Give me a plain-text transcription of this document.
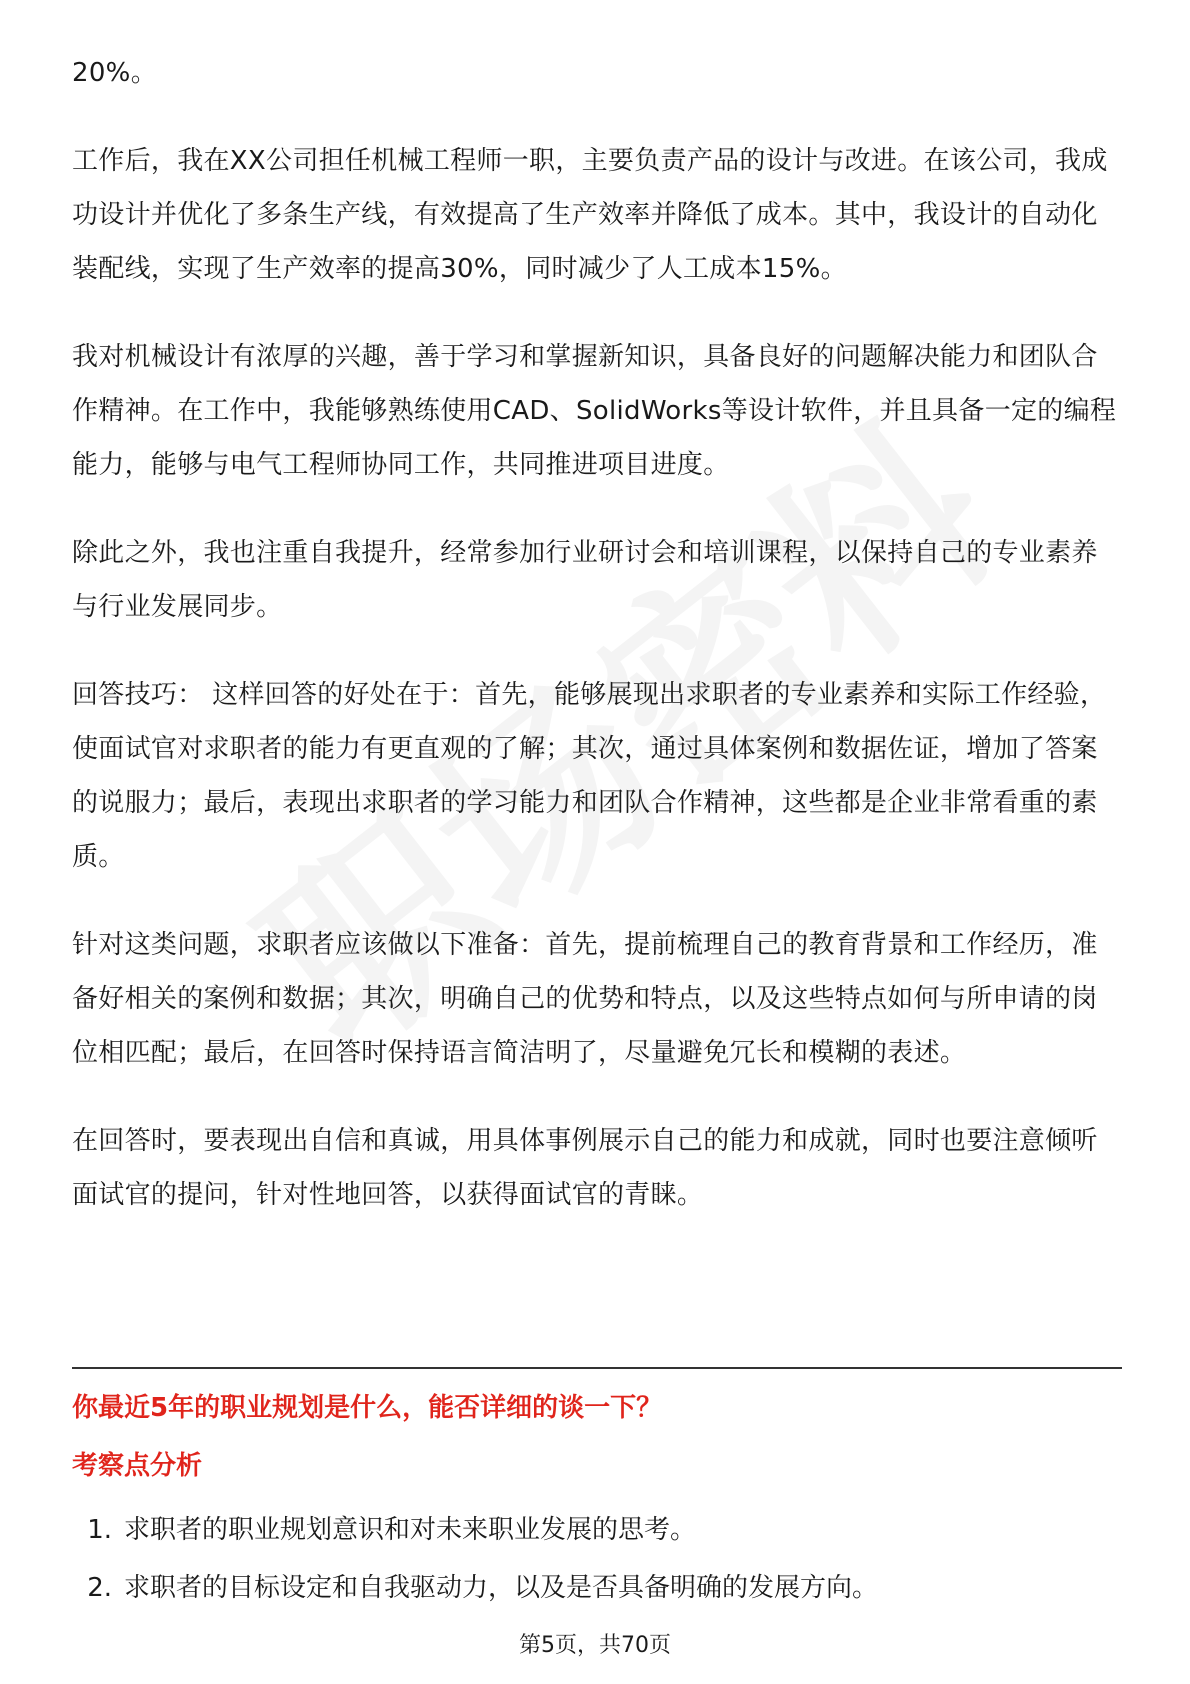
20%。

工作后，我在XX公司担任机械工程师一职，主要负责产品的设计与改进。在该公司，我成功设计并优化了多条生产线，有效提高了生产效率并降低了成本。其中，我设计的自动化装配线，实现了生产效率的提高30%，同时减少了人工成本15%。

我对机械设计有浓厚的兴趣，善于学习和掌握新知识，具备良好的问题解决能力和团队合作精神。在工作中，我能够熟练使用CAD、SolidWorks等设计软件，并且具备一定的编程能力，能够与电气工程师协同工作，共同推进项目进度。

除此之外，我也注重自我提升，经常参加行业研讨会和培训课程，以保持自己的专业素养与行业发展同步。

回答技巧： 这样回答的好处在于：首先，能够展现出求职者的专业素养和实际工作经验，使面试官对求职者的能力有更直观的了解；其次，通过具体案例和数据佐证，增加了答案的说服力；最后，表现出求职者的学习能力和团队合作精神，这些都是企业非常看重的素质。

针对这类问题，求职者应该做以下准备：首先，提前梳理自己的教育背景和工作经历，准备好相关的案例和数据；其次，明确自己的优势和特点，以及这些特点如何与所申请的岗位相匹配；最后，在回答时保持语言简洁明了，尽量避免冗长和模糊的表述。

在回答时，要表现出自信和真诚，用具体事例展示自己的能力和成就，同时也要注意倾听面试官的提问，针对性地回答，以获得面试官的青睐。

你最近5年的职业规划是什么，能否详细的谈一下？
考察点分析
1. 求职者的职业规划意识和对未来职业发展的思考。
2. 求职者的目标设定和自我驱动力，以及是否具备明确的发展方向。
第5页，共70页
